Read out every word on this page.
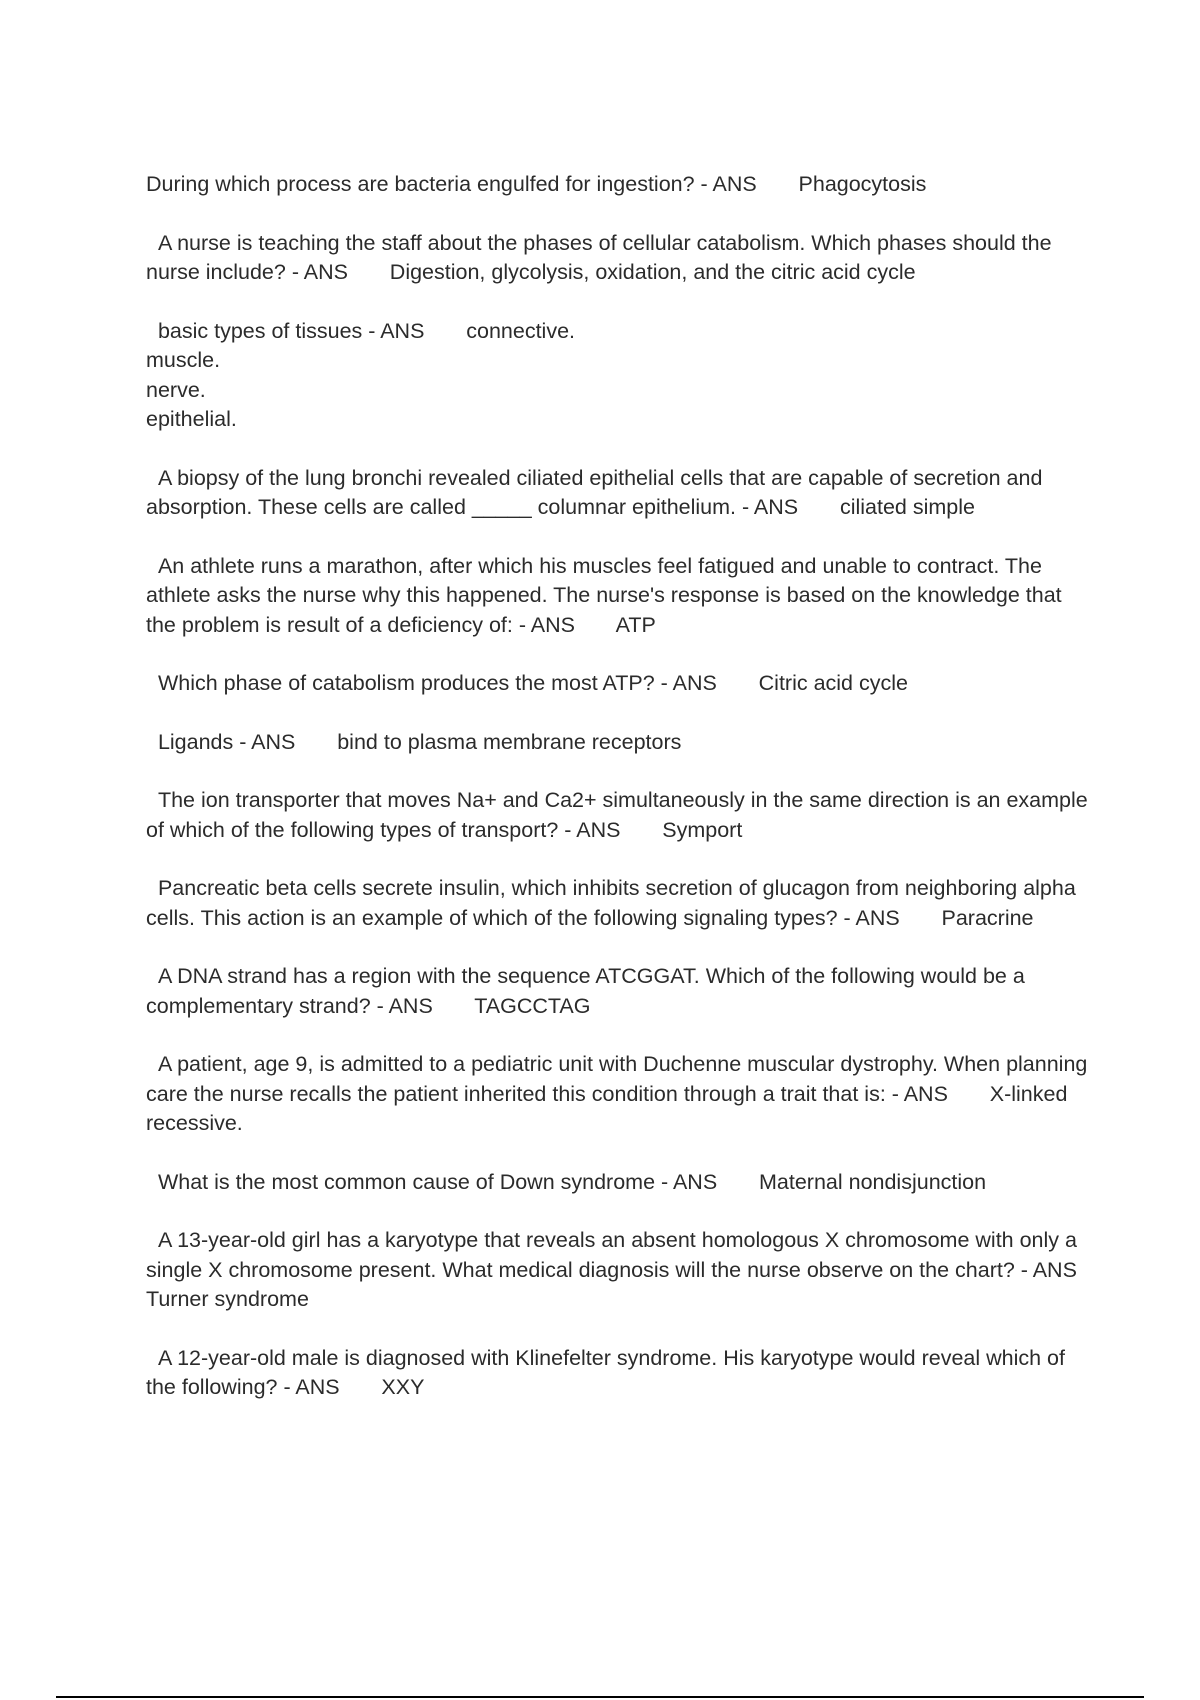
During which process are bacteria engulfed for ingestion? - ANS       Phagocytosis
A nurse is teaching the staff about the phases of cellular catabolism. Which phases should the nurse include? - ANS       Digestion, glycolysis, oxidation, and the citric acid cycle
basic types of tissues - ANS       connective.
muscle.
nerve.
epithelial.
A biopsy of the lung bronchi revealed ciliated epithelial cells that are capable of secretion and absorption. These cells are called _____ columnar epithelium. - ANS       ciliated simple
An athlete runs a marathon, after which his muscles feel fatigued and unable to contract. The athlete asks the nurse why this happened. The nurse's response is based on the knowledge that the problem is result of a deficiency of: - ANS       ATP
Which phase of catabolism produces the most ATP? - ANS       Citric acid cycle
Ligands - ANS       bind to plasma membrane receptors
The ion transporter that moves Na+ and Ca2+ simultaneously in the same direction is an example of which of the following types of transport? - ANS       Symport
Pancreatic beta cells secrete insulin, which inhibits secretion of glucagon from neighboring alpha cells. This action is an example of which of the following signaling types? - ANS       Paracrine
A DNA strand has a region with the sequence ATCGGAT. Which of the following would be a complementary strand? - ANS       TAGCCTAG
A patient, age 9, is admitted to a pediatric unit with Duchenne muscular dystrophy. When planning care the nurse recalls the patient inherited this condition through a trait that is: - ANS       X-linked recessive.
What is the most common cause of Down syndrome - ANS       Maternal nondisjunction
A 13-year-old girl has a karyotype that reveals an absent homologous X chromosome with only a single X chromosome present. What medical diagnosis will the nurse observe on the chart? - ANS       Turner syndrome
A 12-year-old male is diagnosed with Klinefelter syndrome. His karyotype would reveal which of the following? - ANS       XXY
